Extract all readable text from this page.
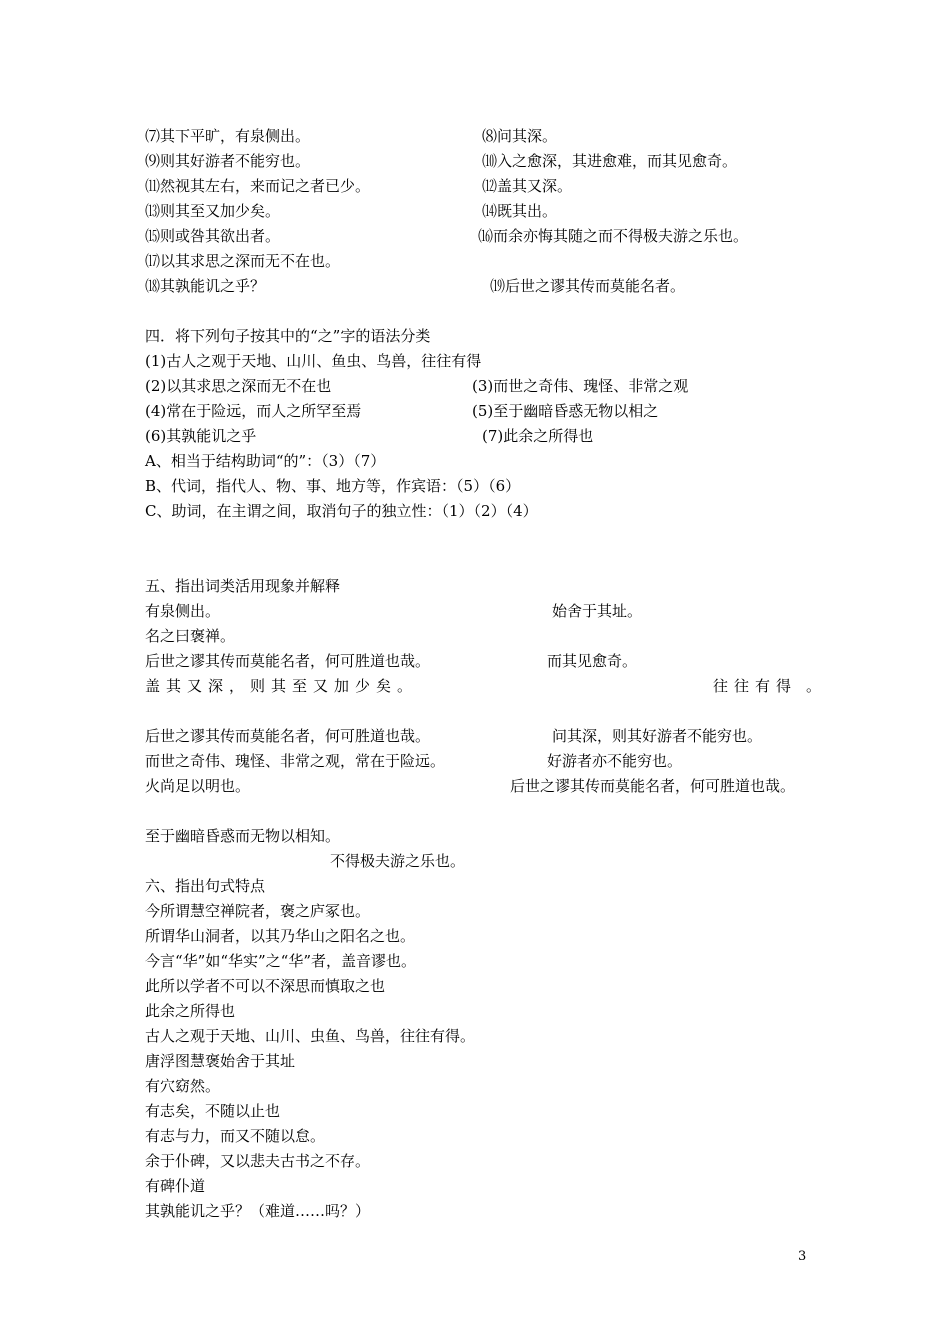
⑺其下平旷，有泉侧出。	⑻问其深。
⑼则其好游者不能穷也。	⑽入之愈深，其进愈难，而其见愈奇。
⑾然视其左右，来而记之者已少。	⑿盖其又深。
⒀则其至又加少矣。	⒁既其出。
⒂则或咎其欲出者。	⒃而余亦悔其随之而不得极夫游之乐也。
⒄以其求思之深而无不在也。
⒅其孰能讥之乎？	⒆后世之谬其传而莫能名者。
四．将下列句子按其中的“之”字的语法分类
(1)古人之观于天地、山川、鱼虫、鸟兽，往往有得
(2)以其求思之深而无不在也	(3)而世之奇伟、瑰怪、非常之观
(4)常在于险远，而人之所罕至焉	(5)至于幽暗昏惑无物以相之
(6)其孰能讥之乎	(7)此余之所得也
A、相当于结构助词“的”：（3）（7）
B、代词，指代人、物、事、地方等，作宾语：（5）（6）
C、助词，在主谓之间，取消句子的独立性：（1）（2）（4）
五、指出词类活用现象并解释
有泉侧出。	始舍于其址。
名之曰褒禅。
后世之谬其传而莫能名者，何可胜道也哉。	而其见愈奇。
盖其又深，则其至又加少矣。	往往有得 。
后世之谬其传而莫能名者，何可胜道也哉。	问其深，则其好游者不能穷也。
而世之奇伟、瑰怪、非常之观，常在于险远。	好游者亦不能穷也。
火尚足以明也。	后世之谬其传而莫能名者，何可胜道也哉。
至于幽暗昏惑而无物以相知。
不得极夫游之乐也。
六、指出句式特点
今所谓慧空禅院者，褒之庐冢也。
所谓华山洞者，以其乃华山之阳名之也。
今言“华”如“华实”之“华”者，盖音谬也。
此所以学者不可以不深思而慎取之也
此余之所得也
古人之观于天地、山川、虫鱼、鸟兽，往往有得。
唐浮图慧褒始舍于其址
有穴窈然。
有志矣，不随以止也
有志与力，而又不随以怠。
余于仆碑，又以悲夫古书之不存。
有碑仆道
其孰能讥之乎？（难道……吗？）
3
